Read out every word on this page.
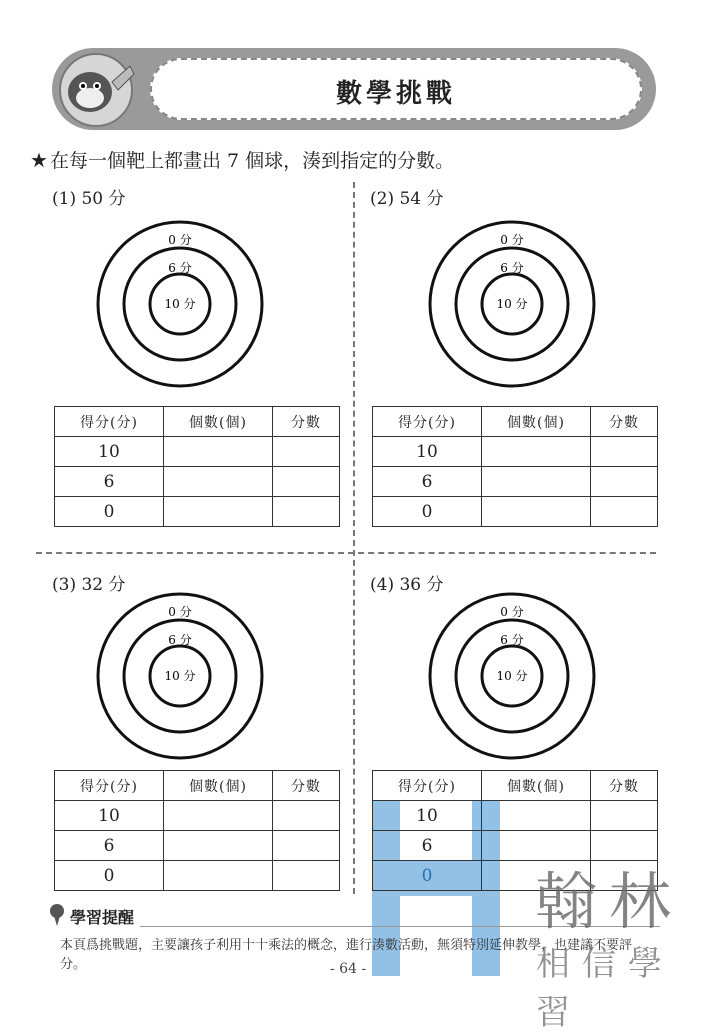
數學挑戰
★ 在每一個靶上都畫出 7 個球，湊到指定的分數。
(1) 50 分
0 分
6 分
10 分
得分(分)	個數(個)	分數
10		
6		
0		
(2) 54 分
0 分
6 分
10 分
得分(分)	個數(個)	分數
10		
6		
0		
(3) 32 分
0 分
6 分
10 分
得分(分)	個數(個)	分數
10		
6		
0		
(4) 36 分
0 分
6 分
10 分
得分(分)	個數(個)	分數
10		
6		
0		
學習提醒
本頁爲挑戰題，主要讓孩子利用十十乘法的概念，進行湊數活動，無須特別延伸教學，也建議不要評分。	- 64 -
翰林
相信學習
